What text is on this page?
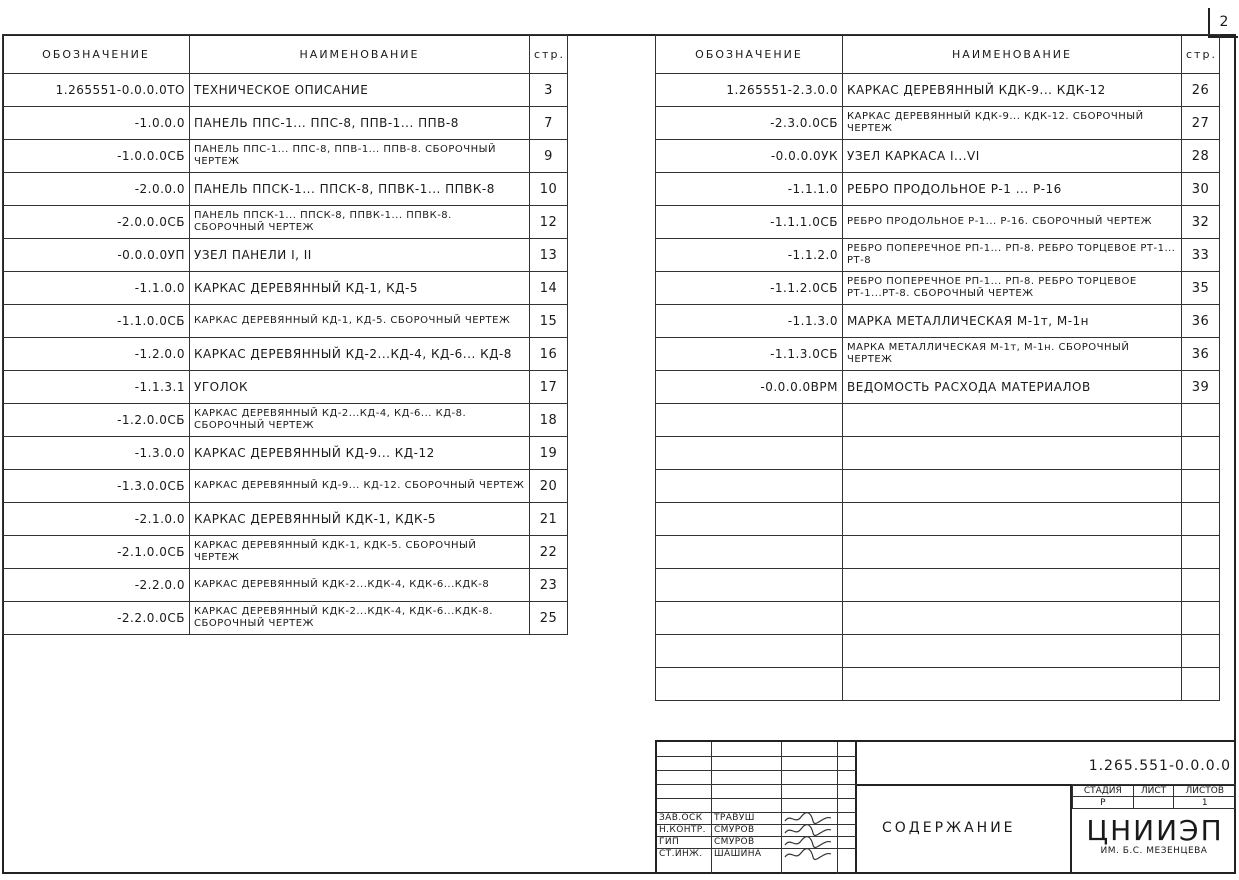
2
ОБОЗНАЧЕНИЕ	НАИМЕНОВАНИЕ	стр.
1.265551-0.0.0.0ТО	ТЕХНИЧЕСКОЕ ОПИСАНИЕ	3
-1.0.0.0	ПАНЕЛЬ ППС-1... ППС-8, ППВ-1... ППВ-8	7
-1.0.0.0СБ	ПАНЕЛЬ ППС-1... ППС-8, ППВ-1... ППВ-8. СБОРОЧНЫЙ ЧЕРТЕЖ	9
-2.0.0.0	ПАНЕЛЬ ППСК-1... ППСК-8, ППВК-1... ППВК-8	10
-2.0.0.0СБ	ПАНЕЛЬ ППСК-1... ППСК-8, ППВК-1... ППВК-8. СБОРОЧНЫЙ ЧЕРТЕЖ	12
-0.0.0.0УП	УЗЕЛ ПАНЕЛИ I, II	13
-1.1.0.0	КАРКАС ДЕРЕВЯННЫЙ КД-1, КД-5	14
-1.1.0.0СБ	КАРКАС ДЕРЕВЯННЫЙ КД-1, КД-5. СБОРОЧНЫЙ ЧЕРТЕЖ	15
-1.2.0.0	КАРКАС ДЕРЕВЯННЫЙ КД-2...КД-4, КД-6... КД-8	16
-1.1.3.1	УГОЛОК	17
-1.2.0.0СБ	КАРКАС ДЕРЕВЯННЫЙ КД-2...КД-4, КД-6... КД-8. СБОРОЧНЫЙ ЧЕРТЕЖ	18
-1.3.0.0	КАРКАС ДЕРЕВЯННЫЙ КД-9... КД-12	19
-1.3.0.0СБ	КАРКАС ДЕРЕВЯННЫЙ КД-9... КД-12. СБОРОЧНЫЙ ЧЕРТЕЖ	20
-2.1.0.0	КАРКАС ДЕРЕВЯННЫЙ КДК-1, КДК-5	21
-2.1.0.0СБ	КАРКАС ДЕРЕВЯННЫЙ КДК-1, КДК-5. СБОРОЧНЫЙ ЧЕРТЕЖ	22
-2.2.0.0	КАРКАС ДЕРЕВЯННЫЙ КДК-2...КДК-4, КДК-6...КДК-8	23
-2.2.0.0СБ	КАРКАС ДЕРЕВЯННЫЙ КДК-2...КДК-4, КДК-6...КДК-8. СБОРОЧНЫЙ ЧЕРТЕЖ	25
ОБОЗНАЧЕНИЕ	НАИМЕНОВАНИЕ	стр.
1.265551-2.3.0.0	КАРКАС ДЕРЕВЯННЫЙ КДК-9... КДК-12	26
-2.3.0.0СБ	КАРКАС ДЕРЕВЯННЫЙ КДК-9... КДК-12. СБОРОЧНЫЙ ЧЕРТЕЖ	27
-0.0.0.0УК	УЗЕЛ КАРКАСА I...VI	28
-1.1.1.0	РЕБРО ПРОДОЛЬНОЕ Р-1 ... Р-16	30
-1.1.1.0СБ	РЕБРО ПРОДОЛЬНОЕ Р-1... Р-16. СБОРОЧНЫЙ ЧЕРТЕЖ	32
-1.1.2.0	РЕБРО ПОПЕРЕЧНОЕ РП-1... РП-8. РЕБРО ТОРЦЕВОЕ РТ-1... РТ-8	33
-1.1.2.0СБ	РЕБРО ПОПЕРЕЧНОЕ РП-1... РП-8. РЕБРО ТОРЦЕВОЕ РТ-1...РТ-8. СБОРОЧНЫЙ ЧЕРТЕЖ	35
-1.1.3.0	МАРКА МЕТАЛЛИЧЕСКАЯ М-1т, М-1н	36
-1.1.3.0СБ	МАРКА МЕТАЛЛИЧЕСКАЯ М-1т, М-1н. СБОРОЧНЫЙ ЧЕРТЕЖ	36
-0.0.0.0ВРМ	ВЕДОМОСТЬ РАСХОДА МАТЕРИАЛОВ	39

ЗАВ.ОСК ТРАВУШ
Н.КОНТР. СМУРОВ
ГИП	СМУРОВ
СТ.ИНЖ. ШАШИНА
1.265.551-0.0.0.0
СОДЕРЖАНИЕ
СТАДИЯ	ЛИСТ	ЛИСТОВ
Р		1
ЦНИИЭП
ИМ. Б.С. МЕЗЕНЦЕВА
